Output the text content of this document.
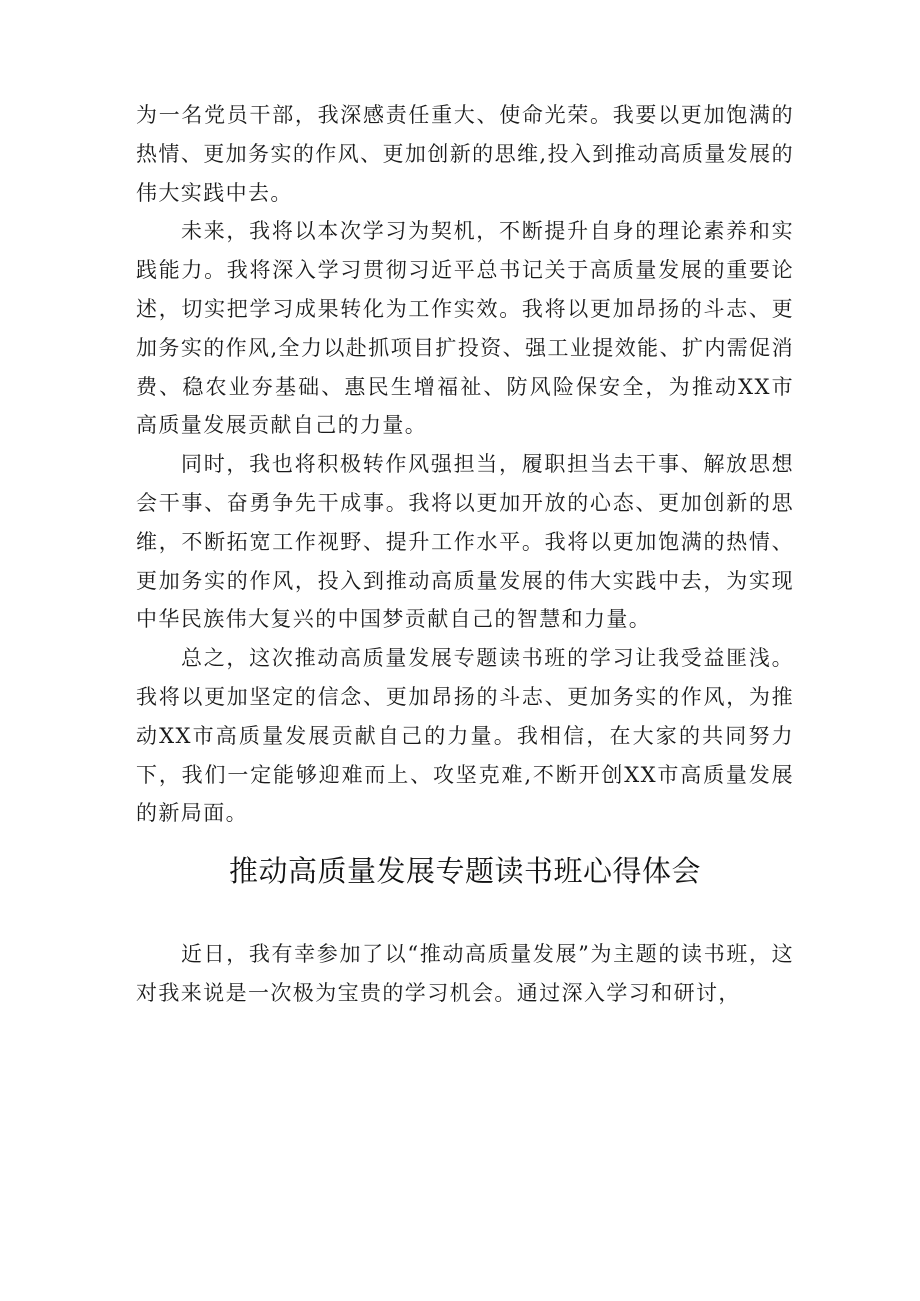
为一名党员干部，我深感责任重大、使命光荣。我要以更加饱满的热情、更加务实的作风、更加创新的思维,投入到推动高质量发展的伟大实践中去。

未来，我将以本次学习为契机，不断提升自身的理论素养和实践能力。我将深入学习贯彻习近平总书记关于高质量发展的重要论述，切实把学习成果转化为工作实效。我将以更加昂扬的斗志、更加务实的作风,全力以赴抓项目扩投资、强工业提效能、扩内需促消费、稳农业夯基础、惠民生增福祉、防风险保安全，为推动XX市高质量发展贡献自己的力量。

同时，我也将积极转作风强担当，履职担当去干事、解放思想会干事、奋勇争先干成事。我将以更加开放的心态、更加创新的思维，不断拓宽工作视野、提升工作水平。我将以更加饱满的热情、更加务实的作风，投入到推动高质量发展的伟大实践中去，为实现中华民族伟大复兴的中国梦贡献自己的智慧和力量。

总之，这次推动高质量发展专题读书班的学习让我受益匪浅。我将以更加坚定的信念、更加昂扬的斗志、更加务实的作风，为推动XX市高质量发展贡献自己的力量。我相信，在大家的共同努力下，我们一定能够迎难而上、攻坚克难,不断开创XX市高质量发展的新局面。

推动高质量发展专题读书班心得体会

近日，我有幸参加了以“推动高质量发展”为主题的读书班，这对我来说是一次极为宝贵的学习机会。通过深入学习和研讨，
